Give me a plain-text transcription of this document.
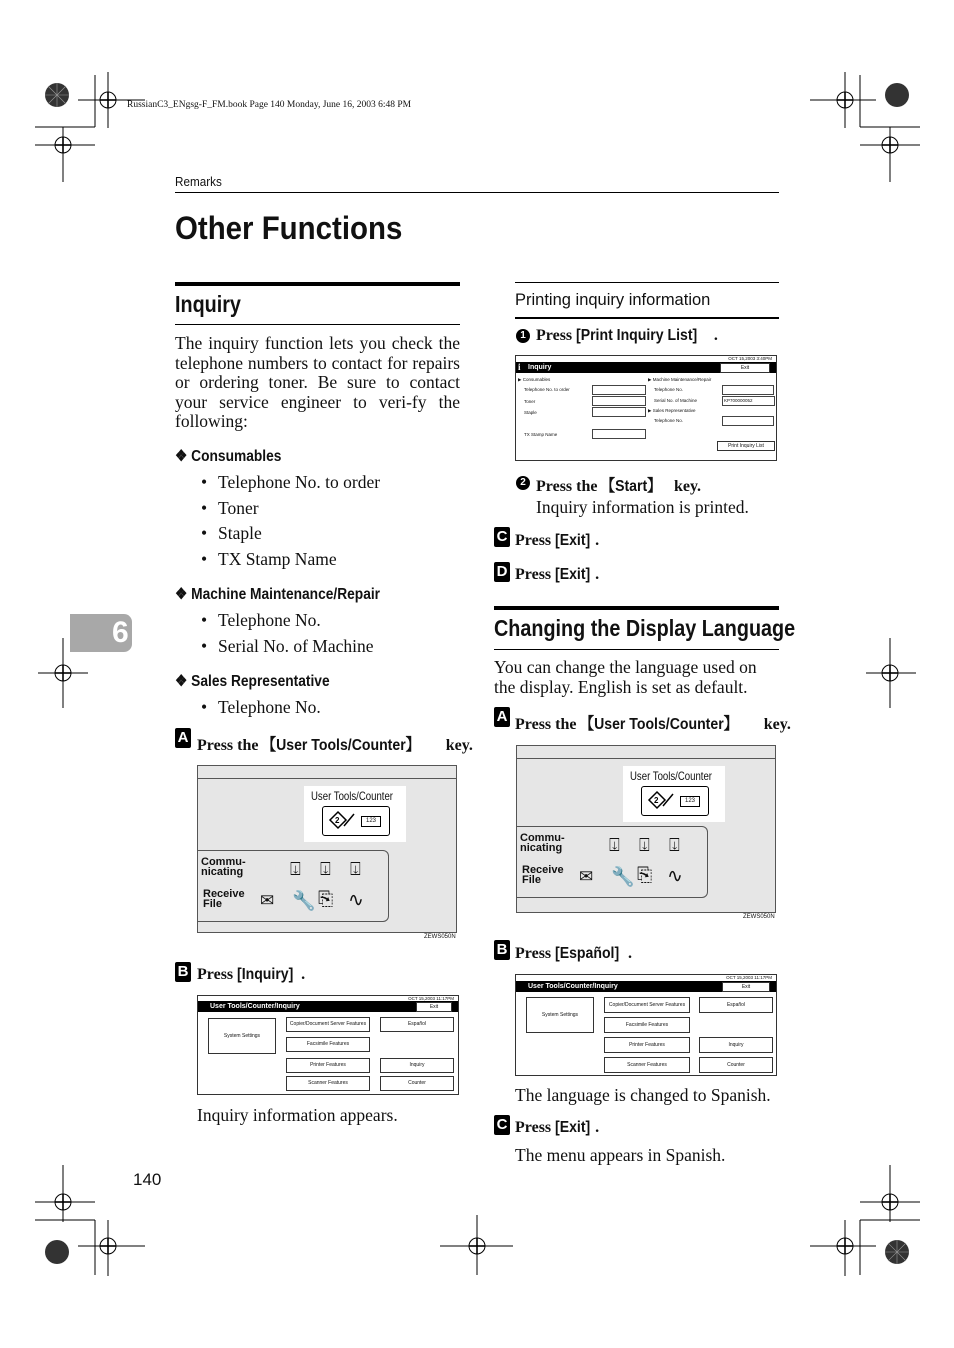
RussianC3_ENgsg-F_FM.book Page 140 Monday, June 16, 2003 6:48 PM
Remarks
Other Functions
6
Inquiry
The inquiry function lets you check the telephone numbers to contact for repairs or ordering toner. Be sure to contact your service engineer to veri-fy the following:
❖ Consumables
• Telephone No. to order
• Toner
• Staple
• TX Stamp Name
❖ Machine Maintenance/Repair
• Telephone No.
• Serial No. of Machine
❖ Sales Representative
• Telephone No.
A Press the 【User Tools/Counter】 key.
User Tools/Counter
2	123
Commu-
nicating
Receive
File
⍗ ⍗ ⍗
✉ 🔧 ⎘ ∿
ZEWS050N
B Press [Inquiry] .
OCT 15,2003 11:17PM
User Tools/Counter/Inquiry	Exit
System Settings
Copier/Document Server Features
Facsimile Features
Printer Features
Scanner Features
Español
Inquiry
Counter
Inquiry information appears.
Printing inquiry information
1 Press [Print Inquiry List] .
OCT 15,2003 3:40PM
Inquiry
i	Exit
▶ Consumables
Telephone No. to order
Toner
Staple
TX Stamp Name
▶ Machine Maintenance/Repair
Telephone No.
Serial No. of Machine	KP700000052
▶ Sales Representative
Telephone No.
Print Inquiry List
2 Press the 【Start】 key.
Inquiry information is printed.
C Press [Exit] .
D Press [Exit] .
Changing the Display Language
You can change the language used on the display. English is set as default.
A Press the 【User Tools/Counter】 key.
User Tools/Counter
2	123
Commu-
nicating
Receive
File
⍗ ⍗ ⍗
✉ 🔧 ⎘ ∿
ZEWS050N
B Press [Español] .
OCT 15,2003 11:17PM
User Tools/Counter/Inquiry	Exit
System Settings
Copier/Document Server Features
Facsimile Features
Printer Features
Scanner Features
Español
Inquiry
Counter
The language is changed to Spanish.
C Press [Exit] .
The menu appears in Spanish.
140
